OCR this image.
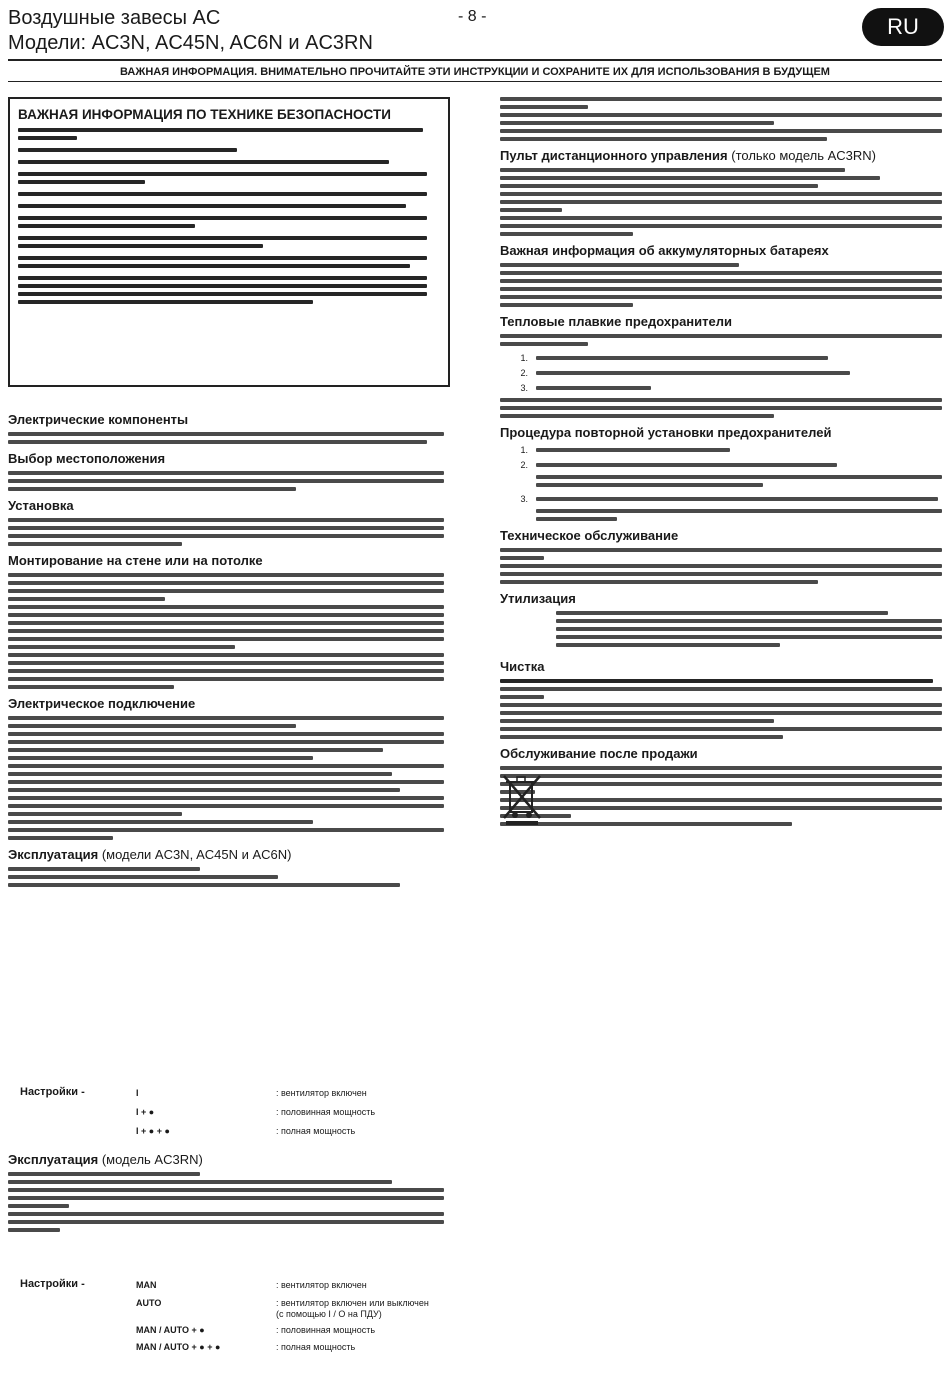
Воздушные завесы AC
Модели: AC3N, AC45N, AC6N и AC3RN
- 8 -	RU
ВАЖНАЯ ИНФОРМАЦИЯ. ВНИМАТЕЛЬНО ПРОЧИТАЙТЕ ЭТИ ИНСТРУКЦИИ И СОХРАНИТЕ ИХ ДЛЯ ИСПОЛЬЗОВАНИЯ В БУДУЩЕМ
ВАЖНАЯ ИНФОРМАЦИЯ ПО ТЕХНИКЕ БЕЗОПАСНОСТИ
Электрические компоненты
Выбор местоположения
Установка
Монтирование на стене или на потолке
Электрическое подключение
Эксплуатация (модели AC3N, AC45N и AC6N)
Настройки -	I	: вентилятор включен
I + ●	: половинная мощность
I + ● + ●	: полная мощность
Эксплуатация (модель AC3RN)
Настройки -	MAN	: вентилятор включен
AUTO	: вентилятор включен или выключен
(с помощью I / O на ПДУ)
MAN / AUTO + ●	: половинная мощность
MAN / AUTO + ● + ●	: полная мощность
Пульт дистанционного управления (только модель AC3RN)
Важная информация об аккумуляторных батареях
Тепловые плавкие предохранители
1.
2.
3.
Процедура повторной установки предохранителей
1.
2.
3.
Техническое обслуживание
Утилизация
Чистка
Обслуживание после продажи
